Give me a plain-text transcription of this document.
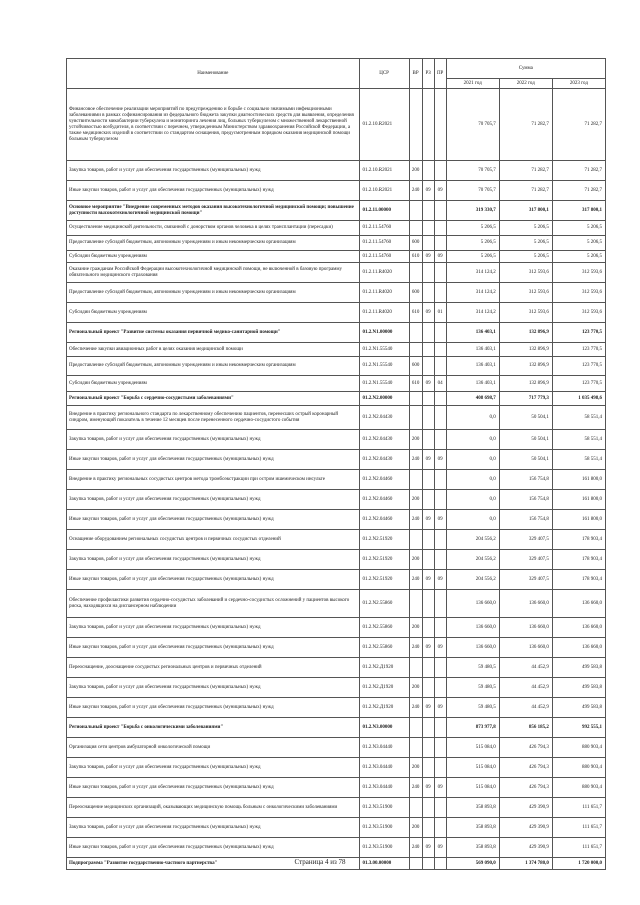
Наименование	ЦСР	ВР	РЗ	ПР	Сумма		
					2021 год	2022 год	2023 год
Финансовое обеспечение реализации мероприятий по предупреждению и борьбе с социально значимыми инфекционными заболеваниями в рамках софинансирования из федерального бюджета закупки диагностических средств для выявления, определения чувствительности микобактерии туберкулеза и мониторинга лечения лиц, больных туберкулезом с множественной лекарственной устойчивостью возбудителя, в соответствии с перечнем, утвержденным Министерством здравоохранения Российской Федерации, а также медицинских изделий в соответствии со стандартом оснащения, предусмотренным порядком оказания медицинской помощи больным туберкулезом	01.2.10.R2021				70 705,7	71 282,7	71 282,7
Закупка товаров, работ и услуг для обеспечения государственных (муниципальных) нужд	01.2.10.R2021	200			70 705,7	71 282,7	71 282,7
Иные закупки товаров, работ и услуг для обеспечения государственных (муниципальных) нужд	01.2.10.R2021	240	09	09	70 705,7	71 282,7	71 282,7
Основное мероприятие "Внедрение современных методов оказания высокотехнологичной медицинской помощи; повышение доступности высокотехнологичной медицинской помощи"	01.2.11.00000				319 330,7	317 800,1	317 800,1
Осуществление медицинской деятельности, связанной с донорством органов человека в целях трансплантации (пересадки)	01.2.11.54760				5 206,5	5 206,5	5 206,5
Предоставление субсидий бюджетным, автономным учреждениям и иным некоммерческим организациям	01.2.11.54760	600			5 206,5	5 206,5	5 206,5
Субсидии бюджетным учреждениям	01.2.11.54760	610	09	09	5 206,5	5 206,5	5 206,5
Оказание гражданам Российской Федерации высокотехнологичной медицинской помощи, не включенной в базовую программу обязательного медицинского страхования	01.2.11.R4020				314 124,2	312 593,6	312 593,6
Предоставление субсидий бюджетным, автономным учреждениям и иным некоммерческим организациям	01.2.11.R4020	600			314 124,2	312 593,6	312 593,6
Субсидии бюджетным учреждениям	01.2.11.R4020	610	09	01	314 124,2	312 593,6	312 593,6
Региональный проект "Развитие системы оказания первичной медико-санитарной помощи"	01.2.N1.00000				136 403,1	132 896,9	123 770,5
Обеспечение закупки авиационных работ в целях оказания медицинской помощи	01.2.N1.55540				136 403,1	132 896,9	123 770,5
Предоставление субсидий бюджетным, автономным учреждениям и иным некоммерческим организациям	01.2.N1.55540	600			136 403,1	132 896,9	123 770,5
Субсидии бюджетным учреждениям	01.2.N1.55540	610	09	04	136 403,1	132 896,9	123 770,5
Региональный проект "Борьба с сердечно-сосудистыми заболеваниями"	01.2.N2.00000				408 698,7	717 779,3	1 035 498,6
Внедрение в практику регионального стандарта по лекарственному обеспечению пациентов, перенесших острый коронарный синдром, именующий показатель в течение 12 месяцев после перенесенного сердечно-сосудистого события	01.2.N2.04430				0,0	50 504,1	58 551,4
Закупка товаров, работ и услуг для обеспечения государственных (муниципальных) нужд	01.2.N2.04430	200			0,0	50 504,1	58 551,4
Иные закупки товаров, работ и услуг для обеспечения государственных (муниципальных) нужд	01.2.N2.04430	240	09	09	0,0	50 504,1	58 551,4
Внедрение в практику региональных сосудистых центров метода тромбоэкстракции при остром ишемическом инсульте	01.2.N2.04460				0,0	156 754,8	161 800,0
Закупка товаров, работ и услуг для обеспечения государственных (муниципальных) нужд	01.2.N2.04460	200			0,0	156 754,8	161 800,0
Иные закупки товаров, работ и услуг для обеспечения государственных (муниципальных) нужд	01.2.N2.04460	240	09	09	0,0	156 754,8	161 800,0
Оснащение оборудованием региональных сосудистых центров и первичных сосудистых отделений	01.2.N2.51920				204 556,2	329 407,5	178 903,4
Закупка товаров, работ и услуг для обеспечения государственных (муниципальных) нужд	01.2.N2.51920	200			204 556,2	329 407,5	178 903,4
Иные закупки товаров, работ и услуг для обеспечения государственных (муниципальных) нужд	01.2.N2.51920	240	09	09	204 556,2	329 407,5	178 903,4
Обеспечение профилактики развития сердечно-сосудистых заболеваний и сердечно-сосудистых осложнений у пациентов высокого риска, находящихся на диспансерном наблюдении	01.2.N2.55860				136 660,0	136 660,0	136 660,0
Закупка товаров, работ и услуг для обеспечения государственных (муниципальных) нужд	01.2.N2.55860	200			136 660,0	136 660,0	136 660,0
Иные закупки товаров, работ и услуг для обеспечения государственных (муниципальных) нужд	01.2.N2.55860	240	09	09	136 660,0	136 660,0	136 660,0
Переоснащение, дооснащение сосудистых региональных центров и первичных отделений	01.2.N2.Д1920				59 480,5	44 452,9	499 583,8
Закупка товаров, работ и услуг для обеспечения государственных (муниципальных) нужд	01.2.N2.Д1920	200			59 480,5	44 452,9	499 583,8
Иные закупки товаров, работ и услуг для обеспечения государственных (муниципальных) нужд	01.2.N2.Д1920	240	09	09	59 480,5	44 452,9	499 583,8
Региональный проект "Борьба с онкологическими заболеваниями"	01.2.N3.00000				873 977,8	856 185,2	992 555,1
Организация сети центров амбулаторной онкологической помощи	01.2.N3.04440				515 084,0	426 794,3	880 903,4
Закупка товаров, работ и услуг для обеспечения государственных (муниципальных) нужд	01.2.N3.04440	200			515 084,0	426 794,3	880 903,4
Иные закупки товаров, работ и услуг для обеспечения государственных (муниципальных) нужд	01.2.N3.04440	240	09	09	515 084,0	426 794,3	880 903,4
Переоснащение медицинских организаций, оказывающих медицинскую помощь больным с онкологическими заболеваниями	01.2.N3.51900				358 893,8	429 390,9	111 651,7
Закупка товаров, работ и услуг для обеспечения государственных (муниципальных) нужд	01.2.N3.51900	200			358 893,8	429 390,9	111 651,7
Иные закупки товаров, работ и услуг для обеспечения государственных (муниципальных) нужд	01.2.N3.51900	240	09	09	358 893,8	429 390,9	111 651,7
Подпрограмма "Развитие государственно-частного партнерства"	01.3.00.00000				569 090,0	1 374 780,0	1 720 000,0
Страница 4 из 78
